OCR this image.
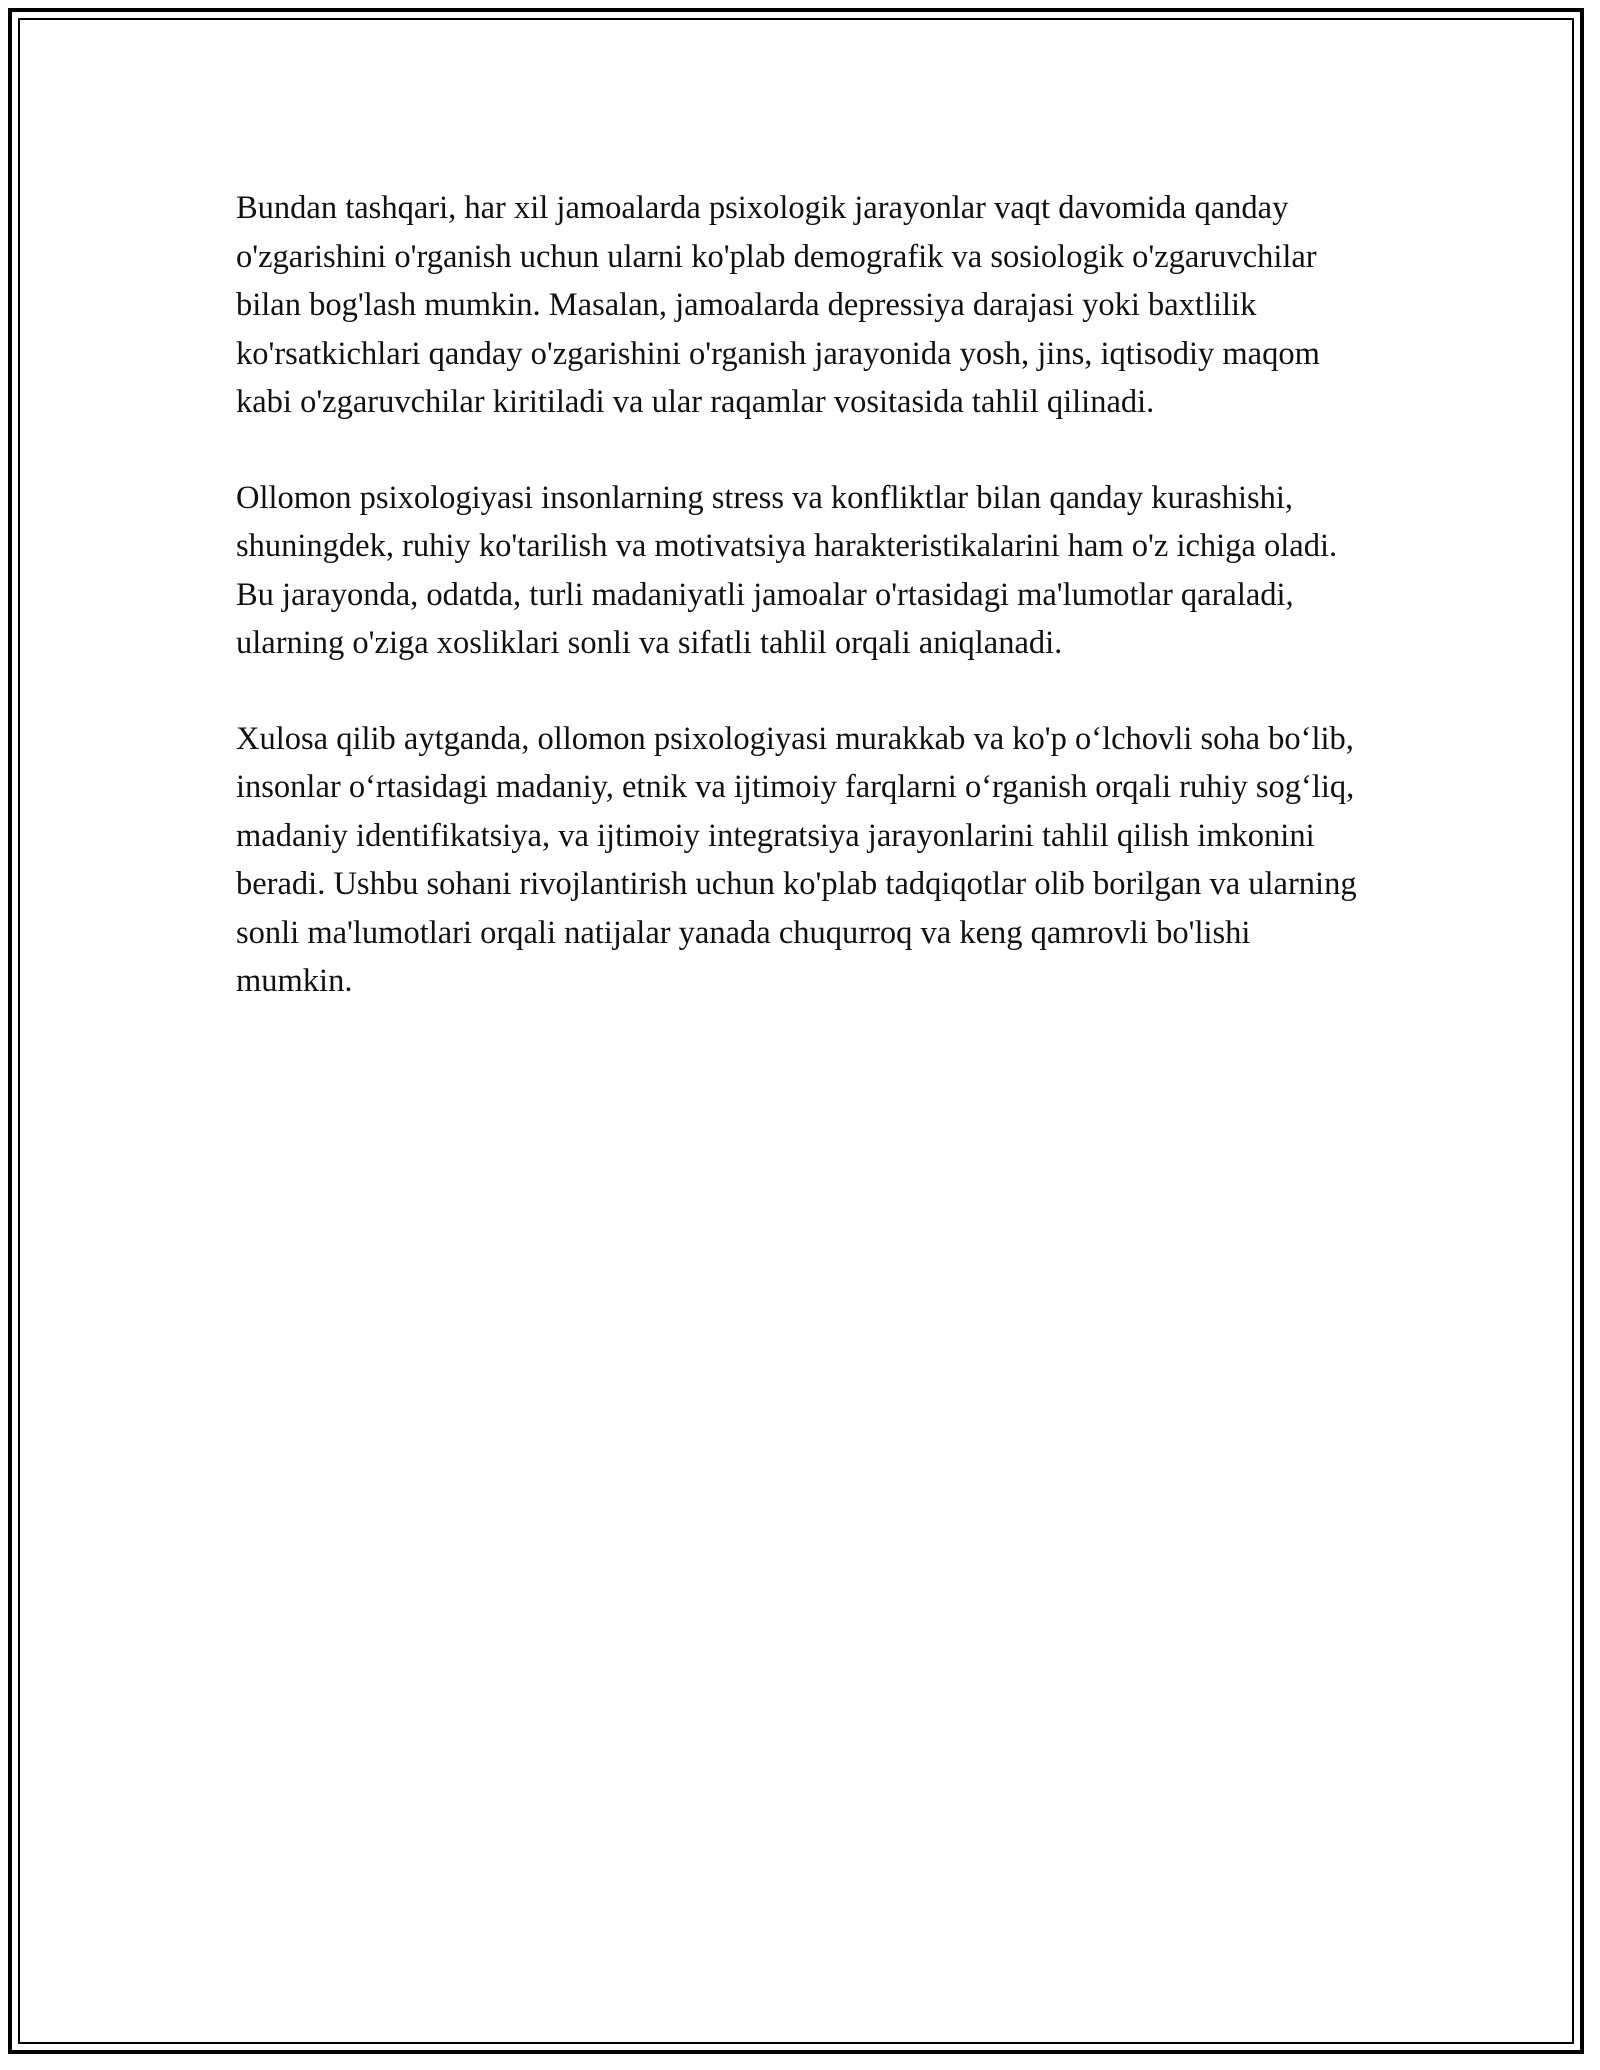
Bundan tashqari, har xil jamoalarda psixologik jarayonlar vaqt davomida qanday o'zgarishini o'rganish uchun ularni ko'plab demografik va sosiologik o'zgaruvchilar bilan bog'lash mumkin. Masalan, jamoalarda depressiya darajasi yoki baxtlilik ko'rsatkichlari qanday o'zgarishini o'rganish jarayonida yosh, jins, iqtisodiy maqom kabi o'zgaruvchilar kiritiladi va ular raqamlar vositasida tahlil qilinadi.

Ollomon psixologiyasi insonlarning stress va konfliktlar bilan qanday kurashishi, shuningdek, ruhiy ko'tarilish va motivatsiya harakteristikalarini ham o'z ichiga oladi. Bu jarayonda, odatda, turli madaniyatli jamoalar o'rtasidagi ma'lumotlar qaraladi, ularning o'ziga xosliklari sonli va sifatli tahlil orqali aniqlanadi.

Xulosa qilib aytganda, ollomon psixologiyasi murakkab va ko'p o‘lchovli soha bo‘lib, insonlar o‘rtasidagi madaniy, etnik va ijtimoiy farqlarni o‘rganish orqali ruhiy sog‘liq, madaniy identifikatsiya, va ijtimoiy integratsiya jarayonlarini tahlil qilish imkonini beradi. Ushbu sohani rivojlantirish uchun ko'plab tadqiqotlar olib borilgan va ularning sonli ma'lumotlari orqali natijalar yanada chuqurroq va keng qamrovli bo'lishi mumkin.
